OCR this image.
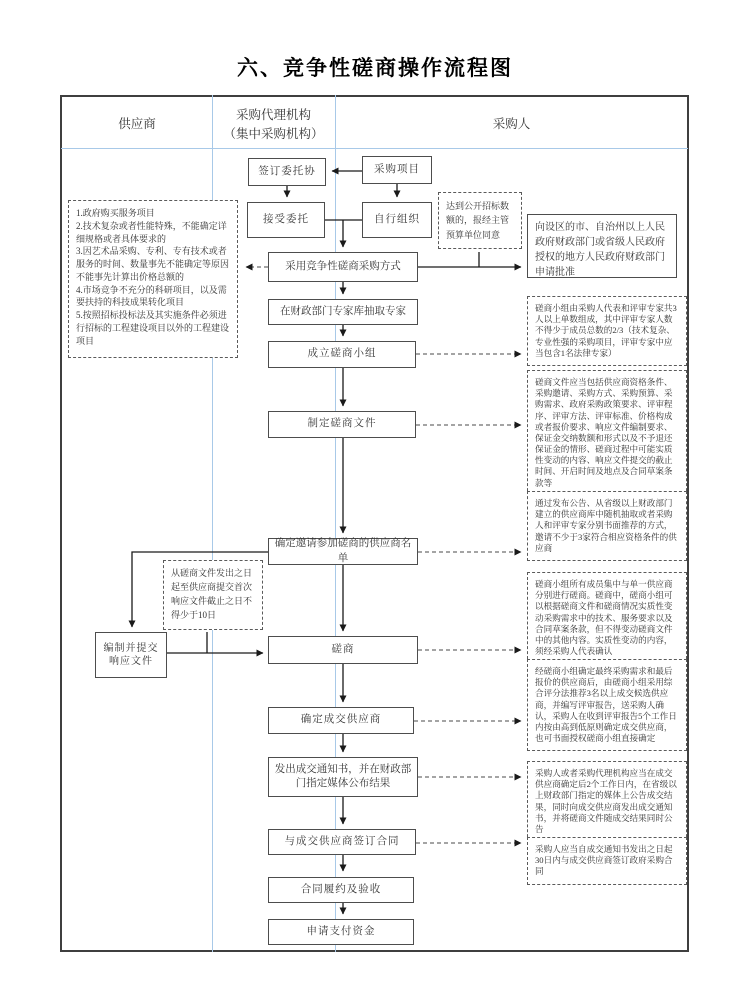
六、竞争性磋商操作流程图
供应商
采购代理机构
（集中采购机构）
采购人
签订委托协	采购项目
接受委托	自行组织
采用竞争性磋商采购方式
向设区的市、自治州以上人民政府财政部门或省级人民政府授权的地方人民政府财政部门申请批准
在财政部门专家库抽取专家
成立磋商小组
制定磋商文件
确定邀请参加磋商的供应商名单
编制并提交响应文件
磋商
确定成交供应商
发出成交通知书，并在财政部门指定媒体公布结果
与成交供应商签订合同
合同履约及验收
申请支付资金
1.政府购买服务项目
2.技术复杂或者性能特殊，不能确定详细规格或者具体要求的
3.因艺术品采购、专利、专有技术或者服务的时间、数量事先不能确定等原因不能事先计算出价格总额的
4.市场竞争不充分的科研项目，以及需要扶持的科技成果转化项目
5.按照招标投标法及其实施条件必须进行招标的工程建设项目以外的工程建设项目
达到公开招标数额的，报经主管预算单位同意
从磋商文件发出之日起至供应商提交首次响应文件截止之日不得少于10日
磋商小组由采购人代表和评审专家共3人以上单数组成，其中评审专家人数不得少于成员总数的2/3（技术复杂、专业性强的采购项目，评审专家中应当包含1名法律专家）
磋商文件应当包括供应商资格条件、采购邀请、采购方式、采购预算、采购需求、政府采购政策要求、评审程序、评审方法、评审标准、价格构成或者报价要求、响应文件编制要求、保证金交纳数额和形式以及不予退还保证金的情形、磋商过程中可能实质性变动的内容、响应文件提交的截止时间、开启时间及地点及合同草案条款等
通过发布公告、从省级以上财政部门建立的供应商库中随机抽取或者采购人和评审专家分别书面推荐的方式，邀请不少于3家符合相应资格条件的供应商
磋商小组所有成员集中与单一供应商分别进行磋商。磋商中，磋商小组可以根据磋商文件和磋商情况实质性变动采购需求中的技术、服务要求以及合同草案条款，但不得变动磋商文件中的其他内容。实质性变动的内容，须经采购人代表确认
经磋商小组确定最终采购需求和最后报价的供应商后，由磋商小组采用综合评分法推荐3名以上成交候选供应商，并编写评审报告，送采购人确认，采购人在收到评审报告5个工作日内按由高到低原则确定成交供应商，也可书面授权磋商小组直接确定
采购人或者采购代理机构应当在成交供应商确定后2个工作日内，在省级以上财政部门指定的媒体上公告成交结果，同时向成交供应商发出成交通知书，并将磋商文件随成交结果同时公告
采购人应当自成交通知书发出之日起30日内与成交供应商签订政府采购合同
